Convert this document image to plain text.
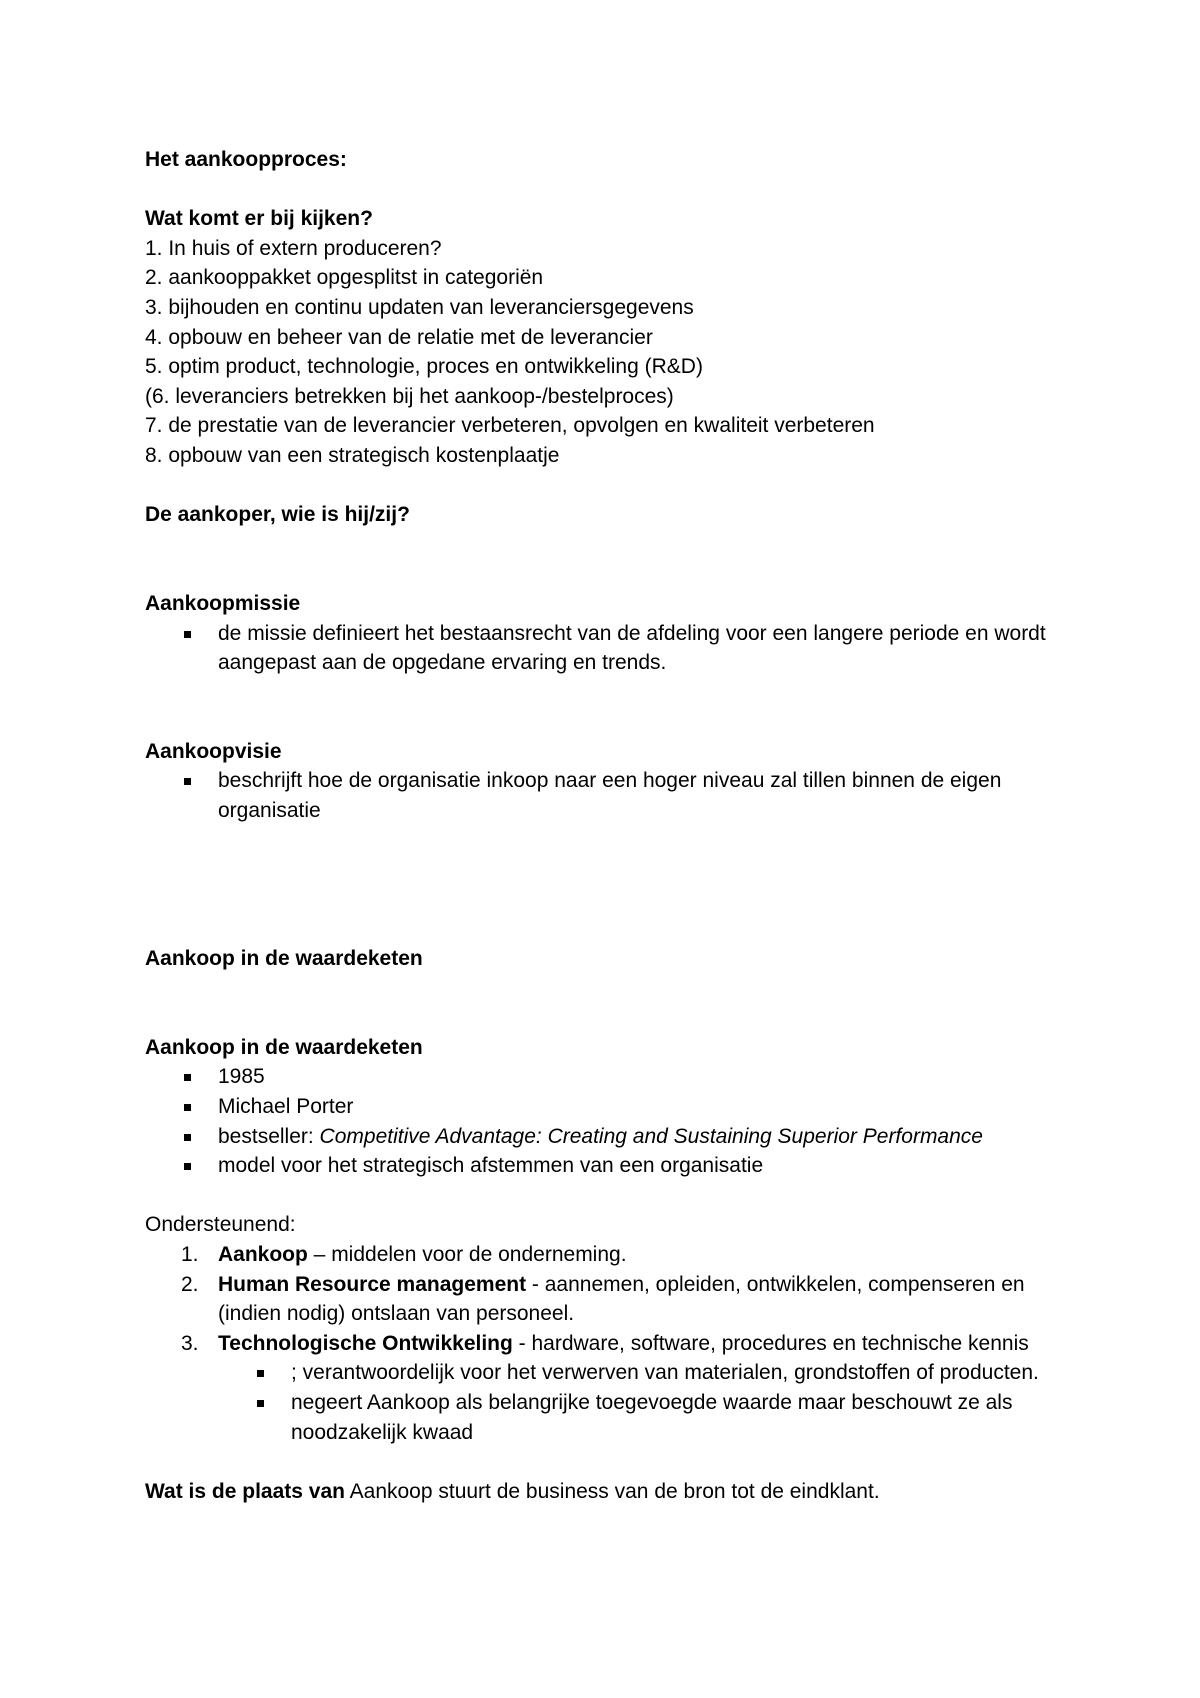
Het aankoopproces:

Wat komt er bij kijken?

1. In huis of extern produceren?

2. aankooppakket opgesplitst in categoriën

3. bijhouden en continu updaten van leveranciersgegevens

4. opbouw en beheer van de relatie met de leverancier

5. optim product, technologie, proces en ontwikkeling (R&D)

(6. leveranciers betrekken bij het aankoop-/bestelproces)

7. de prestatie van de leverancier verbeteren, opvolgen en kwaliteit verbeteren

8. opbouw van een strategisch kostenplaatje

De aankoper, wie is hij/zij?

Aankoopmissie

de missie definieert het bestaansrecht van de afdeling voor een langere periode en wordt aangepast aan de opgedane ervaring en trends.

Aankoopvisie

beschrijft hoe de organisatie inkoop naar een hoger niveau zal tillen binnen de eigen organisatie

Aankoop in de waardeketen

Aankoop in de waardeketen

1985
Michael Porter
bestseller: Competitive Advantage: Creating and Sustaining Superior Performance
model voor het strategisch afstemmen van een organisatie

Ondersteunend:

1. Aankoop – middelen voor de onderneming.
2. Human Resource management - aannemen, opleiden, ontwikkelen, compenseren en (indien nodig) ontslaan van personeel.
3. Technologische Ontwikkeling - hardware, software, procedures en technische kennis
; verantwoordelijk voor het verwerven van materialen, grondstoffen of producten.
negeert Aankoop als belangrijke toegevoegde waarde maar beschouwt ze als noodzakelijk kwaad

Wat is de plaats van Aankoop stuurt de business van de bron tot de eindklant.
